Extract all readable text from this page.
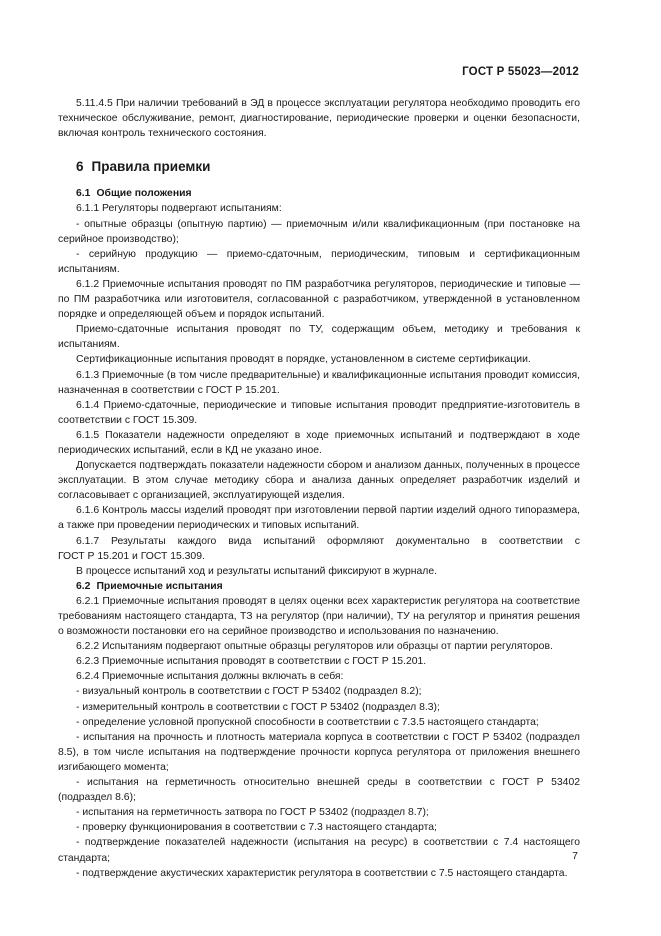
ГОСТ Р 55023—2012

5.11.4.5 При наличии требований в ЭД в процессе эксплуатации регулятора необходимо проводить его техническое обслуживание, ремонт, диагностирование, периодические проверки и оценки безопасности, включая контроль технического состояния.

6 Правила приемки
6.1 Общие положения

6.1.1 Регуляторы подвергают испытаниям:

- опытные образцы (опытную партию) — приемочным и/или квалификационным (при постановке на серийное производство);

- серийную продукцию — приемо-сдаточным, периодическим, типовым и сертификационным испытаниям.

6.1.2 Приемочные испытания проводят по ПМ разработчика регуляторов, периодические и типовые — по ПМ разработчика или изготовителя, согласованной с разработчиком, утвержденной в установленном порядке и определяющей объем и порядок испытаний.

Приемо-сдаточные испытания проводят по ТУ, содержащим объем, методику и требования к испытаниям.

Сертификационные испытания проводят в порядке, установленном в системе сертификации.

6.1.3 Приемочные (в том числе предварительные) и квалификационные испытания проводит комиссия, назначенная в соответствии с ГОСТ Р 15.201.

6.1.4 Приемо-сдаточные, периодические и типовые испытания проводит предприятие-изготовитель в соответствии с ГОСТ 15.309.

6.1.5 Показатели надежности определяют в ходе приемочных испытаний и подтверждают в ходе периодических испытаний, если в КД не указано иное.

Допускается подтверждать показатели надежности сбором и анализом данных, полученных в процессе эксплуатации. В этом случае методику сбора и анализа данных определяет разработчик изделий и согласовывает с организацией, эксплуатирующей изделия.

6.1.6 Контроль массы изделий проводят при изготовлении первой партии изделий одного типоразмера, а также при проведении периодических и типовых испытаний.

6.1.7 Результаты каждого вида испытаний оформляют документально в соответствии с

ГОСТ Р 15.201 и ГОСТ 15.309.

В процессе испытаний ход и результаты испытаний фиксируют в журнале.

6.2 Приемочные испытания

6.2.1 Приемочные испытания проводят в целях оценки всех характеристик регулятора на соответствие требованиям настоящего стандарта, ТЗ на регулятор (при наличии), ТУ на регулятор и принятия решения о возможности постановки его на серийное производство и использования по назначению.

6.2.2 Испытаниям подвергают опытные образцы регуляторов или образцы от партии регуляторов.

6.2.3 Приемочные испытания проводят в соответствии с ГОСТ Р 15.201.

6.2.4 Приемочные испытания должны включать в себя:

- визуальный контроль в соответствии с ГОСТ Р 53402 (подраздел 8.2);

- измерительный контроль в соответствии с ГОСТ Р 53402 (подраздел 8.3);

- определение условной пропускной способности в соответствии с 7.3.5 настоящего стандарта;

- испытания на прочность и плотность материала корпуса в соответствии с ГОСТ Р 53402 (подраздел 8.5), в том числе испытания на подтверждение прочности корпуса регулятора от приложения внешнего изгибающего момента;

- испытания на герметичность относительно внешней среды в соответствии с ГОСТ Р 53402 (подраздел 8.6);

- испытания на герметичность затвора по ГОСТ Р 53402 (подраздел 8.7);

- проверку функционирования в соответствии с 7.3 настоящего стандарта;

- подтверждение показателей надежности (испытания на ресурс) в соответствии с 7.4 настоящего стандарта;

- подтверждение акустических характеристик регулятора в соответствии с 7.5 настоящего стандарта.

7
